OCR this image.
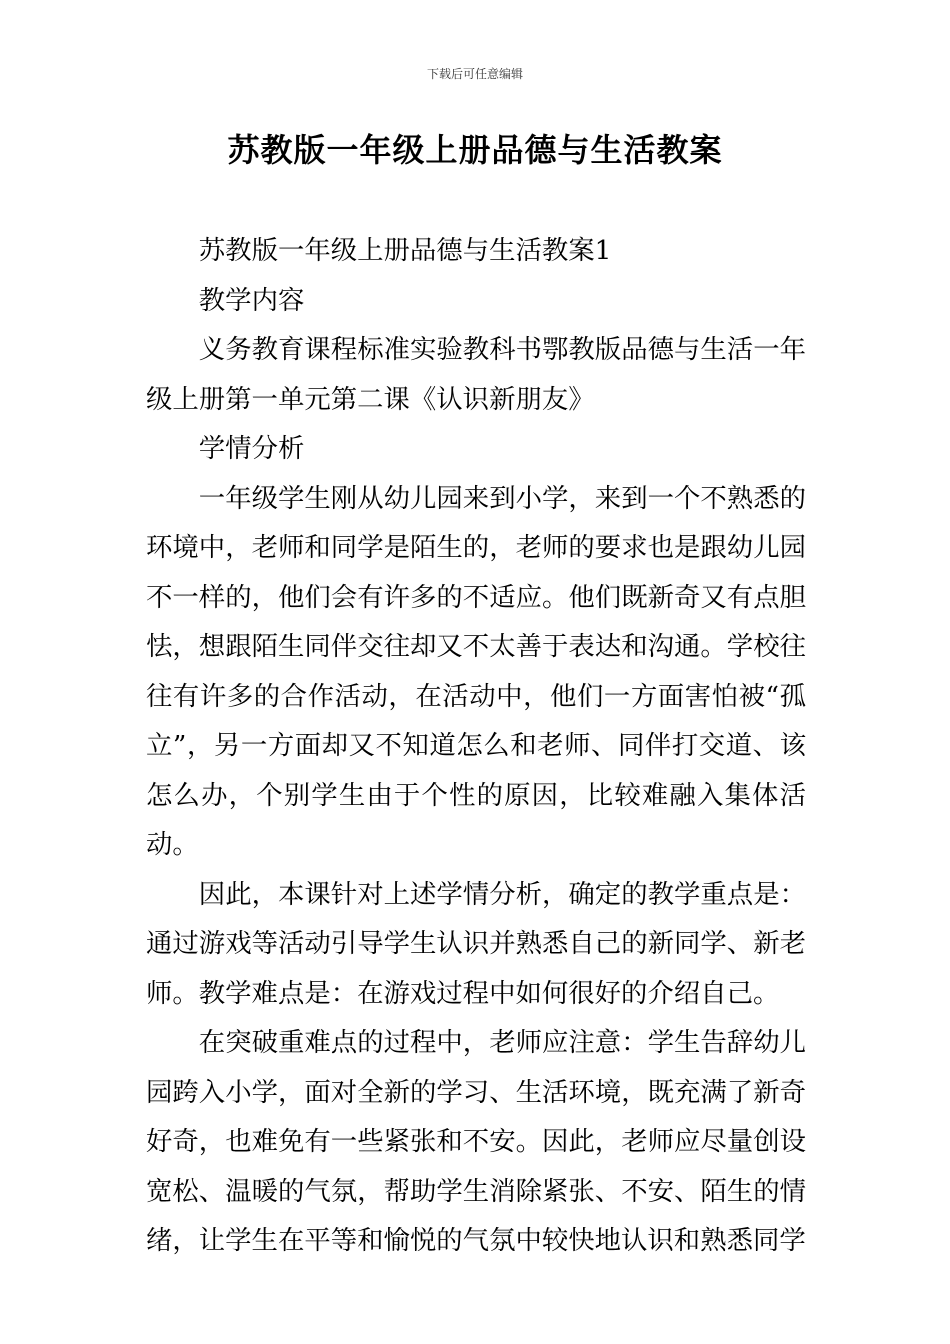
下载后可任意编辑
苏教版一年级上册品德与生活教案

苏教版一年级上册品德与生活教案1

教学内容

义务教育课程标准实验教科书鄂教版品德与生活一年级上册第一单元第二课《认识新朋友》

学情分析

一年级学生刚从幼儿园来到小学，来到一个不熟悉的环境中，老师和同学是陌生的，老师的要求也是跟幼儿园不一样的，他们会有许多的不适应。他们既新奇又有点胆怯，想跟陌生同伴交往却又不太善于表达和沟通。学校往往有许多的合作活动，在活动中，他们一方面害怕被“孤立”，另一方面却又不知道怎么和老师、同伴打交道、该怎么办，个别学生由于个性的原因，比较难融入集体活动。

因此，本课针对上述学情分析，确定的教学重点是：通过游戏等活动引导学生认识并熟悉自己的新同学、新老师。教学难点是：在游戏过程中如何很好的介绍自己。

在突破重难点的过程中，老师应注意：学生告辞幼儿园跨入小学，面对全新的学习、生活环境，既充满了新奇好奇，也难免有一些紧张和不安。因此，老师应尽量创设宽松、温暖的气氛，帮助学生消除紧张、不安、陌生的情绪，让学生在平等和愉悦的气氛中较快地认识和熟悉同学
